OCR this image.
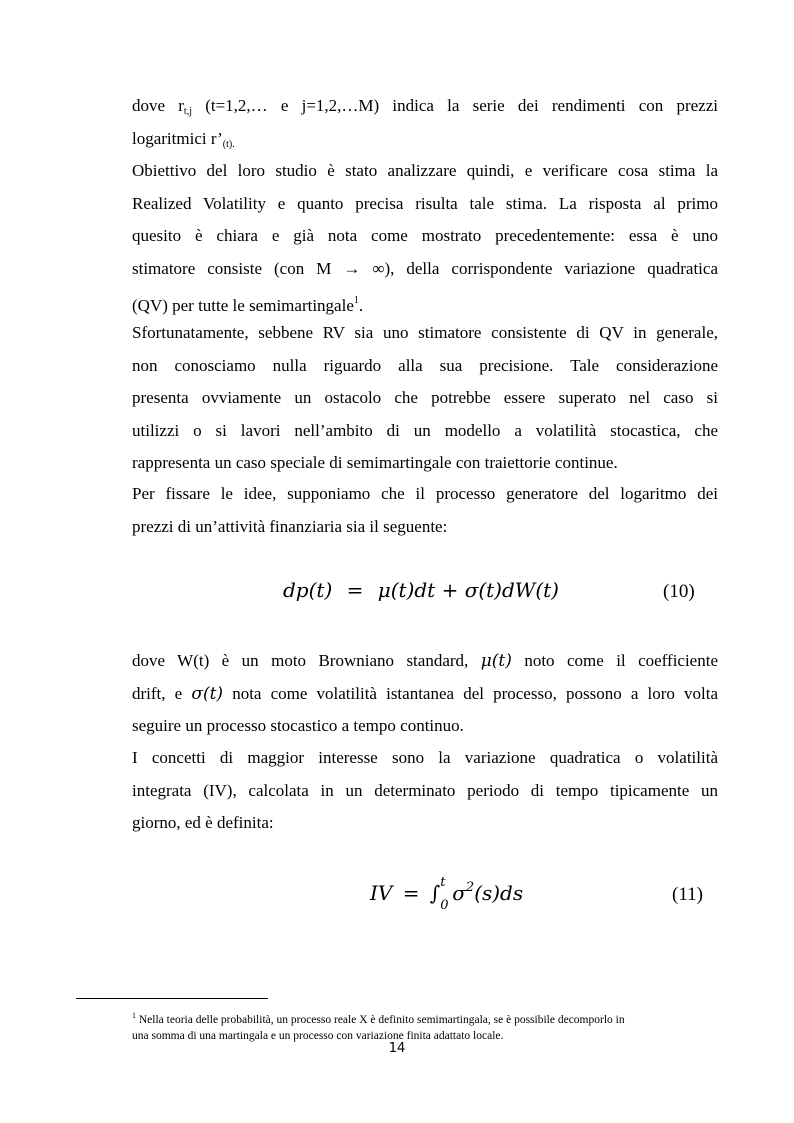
dove $r_{t,j}$ (t=1,2,… e j=1,2,…M) indica la serie dei rendimenti con prezzi
logaritmici $r’_{(t).}$
Obiettivo del loro studio è stato analizzare quindi, e verificare cosa stima la
Realized Volatility e quanto precisa risulta tale stima. La risposta al primo
quesito è chiara e già nota come mostrato precedentemente: essa è uno
stimatore consiste (con M → ∞), della corrispondente variazione quadratica
(QV) per tutte le semimartingale$^1$.
Sfortunatamente, sebbene RV sia uno stimatore consistente di QV in generale,
non conosciamo nulla riguardo alla sua precisione. Tale considerazione
presenta ovviamente un ostacolo che potrebbe essere superato nel caso si
utilizzi o si lavori nell’ambito di un modello a volatilità stocastica, che
rappresenta un caso speciale di semimartingale con traiettorie continue.
Per fissare le idee, supponiamo che il processo generatore del logaritmo dei
prezzi di un’attività finanziaria sia il seguente:
dp(t) = μ(t)dt + σ(t)dW(t)	(10)
dove W(t) è un moto Browniano standard, μ(t) noto come il coefficiente
drift, e σ(t) nota come volatilità istantanea del processo, possono a loro volta
seguire un processo stocastico a tempo continuo.
I concetti di maggior interesse sono la variazione quadratica o volatilità
integrata (IV), calcolata in un determinato periodo di tempo tipicamente un
giorno, ed è definita:
IV = ∫ t
0 $\sigma^2(s)ds$	(11)
$^1$ Nella teoria delle probabilità, un processo reale X è definito semimartingala, se è possibile decomporlo in
una somma di una martingala e un processo con variazione finita adattato locale.
14
